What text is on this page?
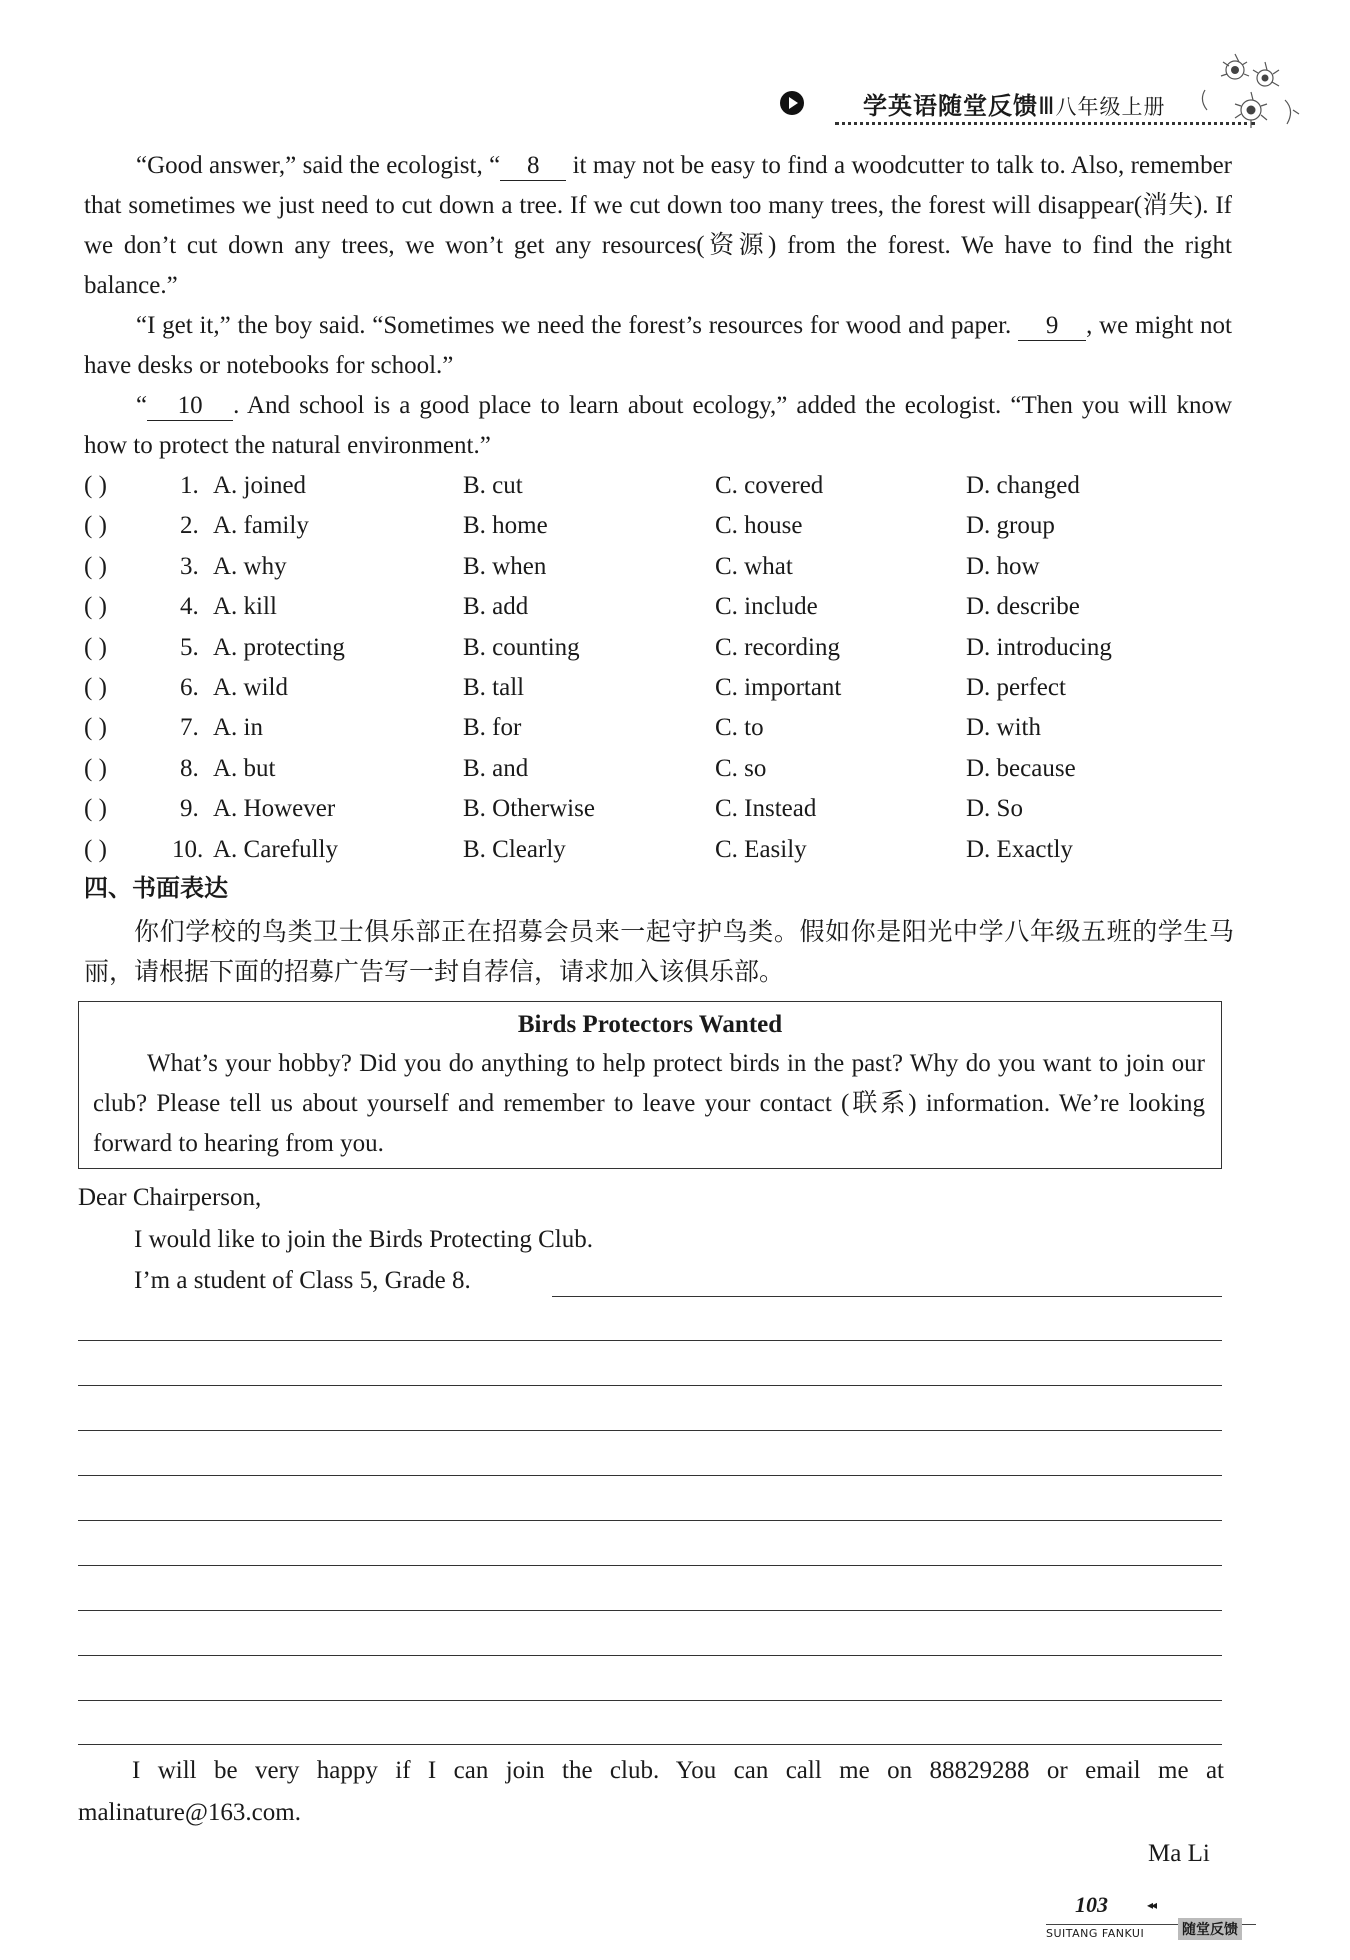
学英语随堂反馈Ⅲ八年级上册

“Good answer,” said the ecologist, “ 8 it may not be easy to find a woodcutter to talk to. Also, remember that sometimes we just need to cut down a tree. If we cut down too many trees, the forest will disappear(消失). If we don’t cut down any trees, we won’t get any resources(资源) from the forest. We have to find the right balance.”

“I get it,” the boy said. “Sometimes we need the forest’s resources for wood and paper. 9 , we might not have desks or notebooks for school.”

“ 10 . And school is a good place to learn about ecology,” added the ecologist. “Then you will know how to protect the natural environment.”

( )	1. A. joined	B. cut	C. covered	D. changed
( )	2. A. family	B. home	C. house	D. group
( )	3. A. why	B. when	C. what	D. how
( )	4. A. kill	B. add	C. include	D. describe
( )	5. A. protecting	B. counting	C. recording	D. introducing
( )	6. A. wild	B. tall	C. important	D. perfect
( )	7. A. in	B. for	C. to	D. with
( )	8. A. but	B. and	C. so	D. because
( )	9. A. However	B. Otherwise	C. Instead	D. So
( )	10. A. Carefully	B. Clearly	C. Easily	D. Exactly
四、书面表达

你们学校的鸟类卫士俱乐部正在招募会员来一起守护鸟类。假如你是阳光中学八年级五班的学生马丽，请根据下面的招募广告写一封自荐信，请求加入该俱乐部。

Birds Protectors Wanted

What’s your hobby? Did you do anything to help protect birds in the past? Why do you want to join our club? Please tell us about yourself and remember to leave your contact (联系) information. We’re looking forward to hearing from you.

Dear Chairperson,
I would like to join the Birds Protecting Club.
I’m a student of Class 5, Grade 8.

I will be very happy if I can join the club. You can call me on 88829288 or email me at malinature@163.com.

Ma Li
103	◂◂
SUITANG FANKUI	随堂反馈
